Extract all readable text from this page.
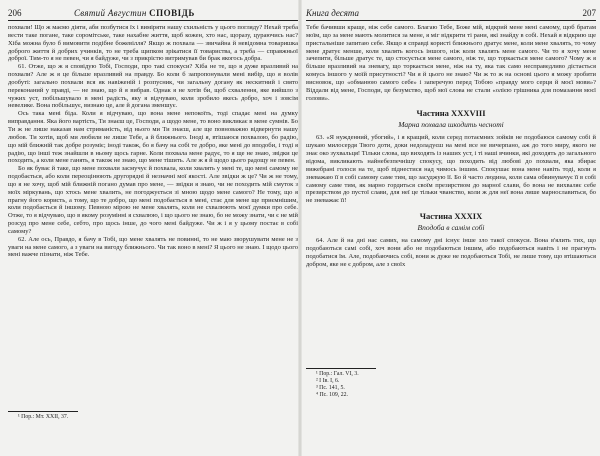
206	Святий Августин СПОВІДЬ

похвали! Що ж маємо діяти, аби позбутися їх і виміряти нашу схильність у цього погляду? Нехай треба вести таке погане, таке соромітське, таке нахабне життя, щоб кожен, хто нас, щоразу, цураючись нас? Хіба можна було б вимовити подібне божевілля? Якщо ж похвала — звичайна й невідомна товаришка доброго життя й добрих учинків, то не треба щипком зрікатися її товариства, а треба — справжньої доброї. Тим-то я не певен, чи я байдуже, чи з прикрістю витримував би брак якогось добра.

61. Отже, що ж я сповідую Тобі, Господи, про такі спокуси? Хіба не те, що я дуже вразливий на похвали? Але ж я це більше вразливий на правду. Бо коли б запропонували мені вибір, що я волів дообуті: загально похвали вся як навіженій і розпусник, чи загальну догану як нескитний і свято переконаний у правді, — не знаю, що й я вибрав. Однак я не хотів би, щоб схвалення, яке вийшло з чужих уст, побільшувало в мені радість, яку я відчуваю, коли зробило якесь добро, хоч і зовсім невелике. Вона побільшує, визнаю це, але й догана зменшує.

Ось така мені біда. Коли я відчуваю, що вона мене непокоїть, тоді спадає мені на думку виправдання. Яка його вартість, Ти знаєш це, Господи, а щодо мене, то воно викликає в мене сумнів. Бо Ти ж не лише наказав нам стриманість, від нього ми Ти знаєш, але ще повноважно відвернути нашу любов. Ти хотів, щоб ми любили не лише Тебе, а й ближнього. Іноді я, втішаюся похвалою, бо радію, що мій ближній так добре розуміє; іноді також, бо я бачу на собі те добро, яке мені до вподоби, і тоді я радію, що інші теж знайшли в ньому щось гарне. Коли похвала мене радує, то я ще не знаю, звідки це походить, а коли мене ганять, я також не знаю, що мене тішить. Але ж я й щодо цього радощу не певен.

Бо як буває й таке, що мене похвали засмучує й похвала, коли хвалять у мені те, що мені самому не подобається, або коли переоцінюють другорядні й незначні мої якості. Але звідки ж це? Чи ж не тому, що я не хочу, щоб мій ближній погано думав про мене, — звідки я знаю, чи не походить мій смуток з моїх міркувань, що хтось мене хвалить, не погоджується зі мною щодо мене самого? Не тому, що я прагну його користь, а тому, що те добро, що мені подобається в мені, стає для мене ще приємнішим, коли подобається й іншому. Певною мірою не мене хвалять, коли не схвалюють моєї думки про себе. Отже, то я відчуваю, що в якому розумінні я схвалюю, і що цього не знаю, бо не можу знати, чи є не мій розсуд про мене себе, себто, про щось інше, до чого мені байдуже. Чи ж і я у цьому постає в собі самому?

62. Але ось, Правдо, я бачу в Тобі, що мене хвалять не повинні, то не маю зворушувати мене не з уваги на мене самого, а з уваги на вигоду ближнього. Чи так воно в мені? Я цього не знаю. І щодо цього мені важче пізнати, ніж Тебе.

¹ Пор.: Мт. XXII, 37.

Книга десята	207

Тебе бачивши краще, ніж себе самого. Благаю Тебе, Боже мій, відкрий мене мені самому, щоб братам моїм, що за мене мають молитися за мене, я міг відкрити ті рани, які знайду в собі. Нехай я відкрию ще пристальніше запитаю себе. Якщо я справді користі ближнього дратує мене, коли мене хвалять, то чому мене дратує менше, коли хвалять когось іншого, ніж коли хвалять мене самого. Чи то я хочу мене зачепити, більше дратує те, що стосується мене самого, ніж те, що торкається мене самого? Чому ж я більше вразливий на зневагу, що торкається мене, ніж на ту, яка так само несправедливо дістається комусь іншого у моїй присутності? Чи я й цього не знаю? Чи ж то ж на основі цього я можу зробити висновок, що «обманюю самого себе» і заперечую перед Тобою «правду мого серця й моєї мови»? Віддали від мене, Господи, це безумство, щоб мої слова не стали «олією грішника для помазання моєї голови».

Частина XXXVIII
Марна похвала шкодить чесноті

63. «Я нужденний, убогий», і я кращий, коли серед потаємних зойків не подобаюся самому собі й шукаю милосердя Твого доти, доки недоладуєш на мені все не вичерпано, аж до того миру, якого не знає око зухвальця! Тільки слова, що виходять із наших уст, і ті наші вчинки, які доходять до загального відома, викликають найнебезпечнішу спокусу, що походить від любові до похвали, яка збирає вижебрані голоси на те, щоб піднестися над чимось іншим. Спокушає вона мене навіть тоді, коли я зневажаю її в собі самому саме тим, що засуджую її. Бо й часто людина, коли сама обвинувачує її в собі самому саме тим, як марно гордиться своїм презирством до марної слави, бо вона не вихваляє себе презирством до пустої слави, для неї це тільки чванство, коли ж для неї вона лише марнославиться, бо не зневажає її!

Частина XXXIX
Вподоба в самім собі

64. Але й на дні нас самих, на самому дні існує інше зло такої спокуси. Вона в'ялить тих, що подобаються самі собі, хоч вони або не подобаються іншим, або подобаються навіть і не прагнуть подобатися їм. Але, подобаючись собі, вони ж дуже не подобаються Тобі, не лише тому, що втішаються добром, яке не є добром, але з своїх

¹ Пор.: Гал. VI, 3.

² I Ів. I, 6.

³ Пс. 141, 5.

⁴ Пс. 109, 22.
